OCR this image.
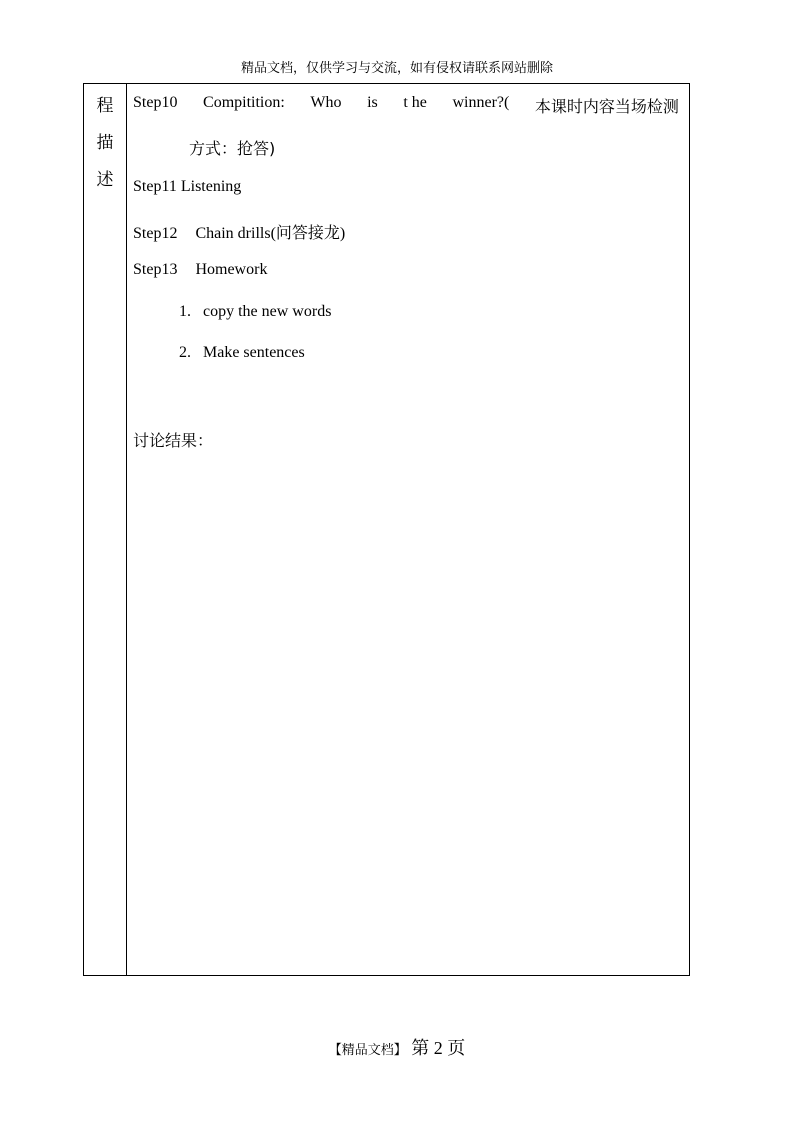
精品文档，仅供学习与交流，如有侵权请联系网站删除
程
描
述
Step10 Compitition: Who is t he winner?( 本课时内容当场检测
方式：抢答)
Step11 Listening
Step12 Chain drills(问答接龙)
Step13 Homework
1. copy the new words
2. Make sentences
讨论结果：
【精品文档】 第 2 页
